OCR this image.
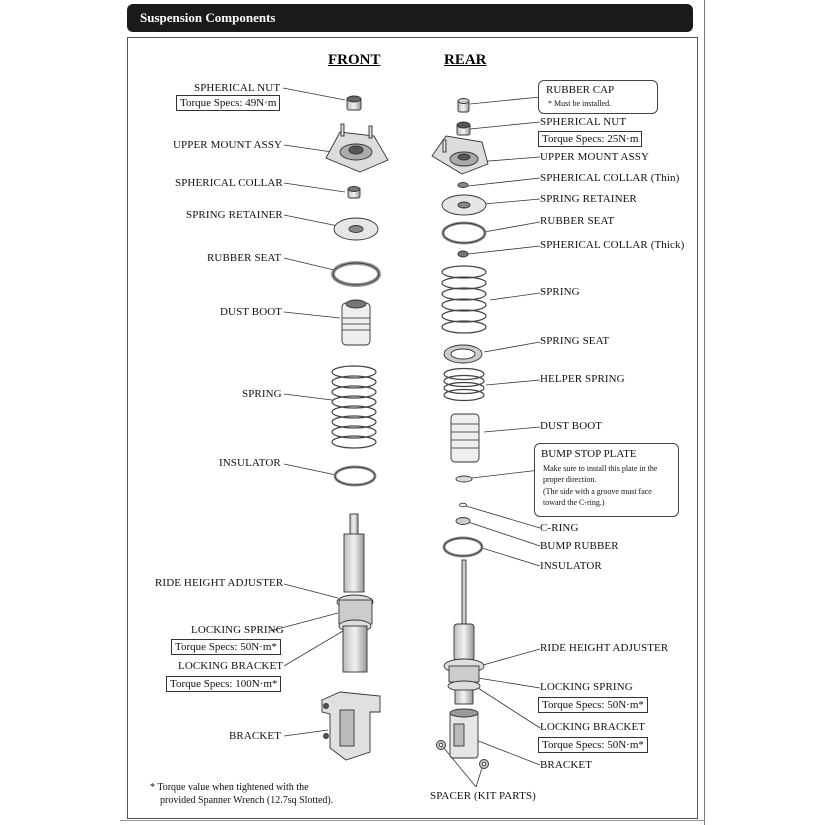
Suspension Components
FRONT	REAR
SPHERICAL NUT
Torque Specs: 49N·m
UPPER MOUNT ASSY
SPHERICAL COLLAR
SPRING RETAINER
RUBBER SEAT
DUST BOOT
SPRING
INSULATOR
RIDE HEIGHT ADJUSTER
LOCKING SPRING
Torque Specs: 50N·m*
LOCKING BRACKET
Torque Specs: 100N·m*
BRACKET
RUBBER CAP
* Must be installed.
SPHERICAL NUT
Torque Specs: 25N·m
UPPER MOUNT ASSY
SPHERICAL COLLAR (Thin)
SPRING RETAINER
RUBBER SEAT
SPHERICAL COLLAR (Thick)
SPRING
SPRING SEAT
HELPER SPRING
DUST BOOT
BUMP STOP PLATE
Make sure to install this plate in the
proper direction.
(The side with a groove must face
toward the C-ring.)
C-RING
BUMP RUBBER
INSULATOR
RIDE HEIGHT ADJUSTER
LOCKING SPRING
Torque Specs: 50N·m*
LOCKING BRACKET
Torque Specs: 50N·m*
BRACKET
SPACER (KIT PARTS)
* Torque value when tightened with the
provided Spanner Wrench (12.7sq Slotted).
